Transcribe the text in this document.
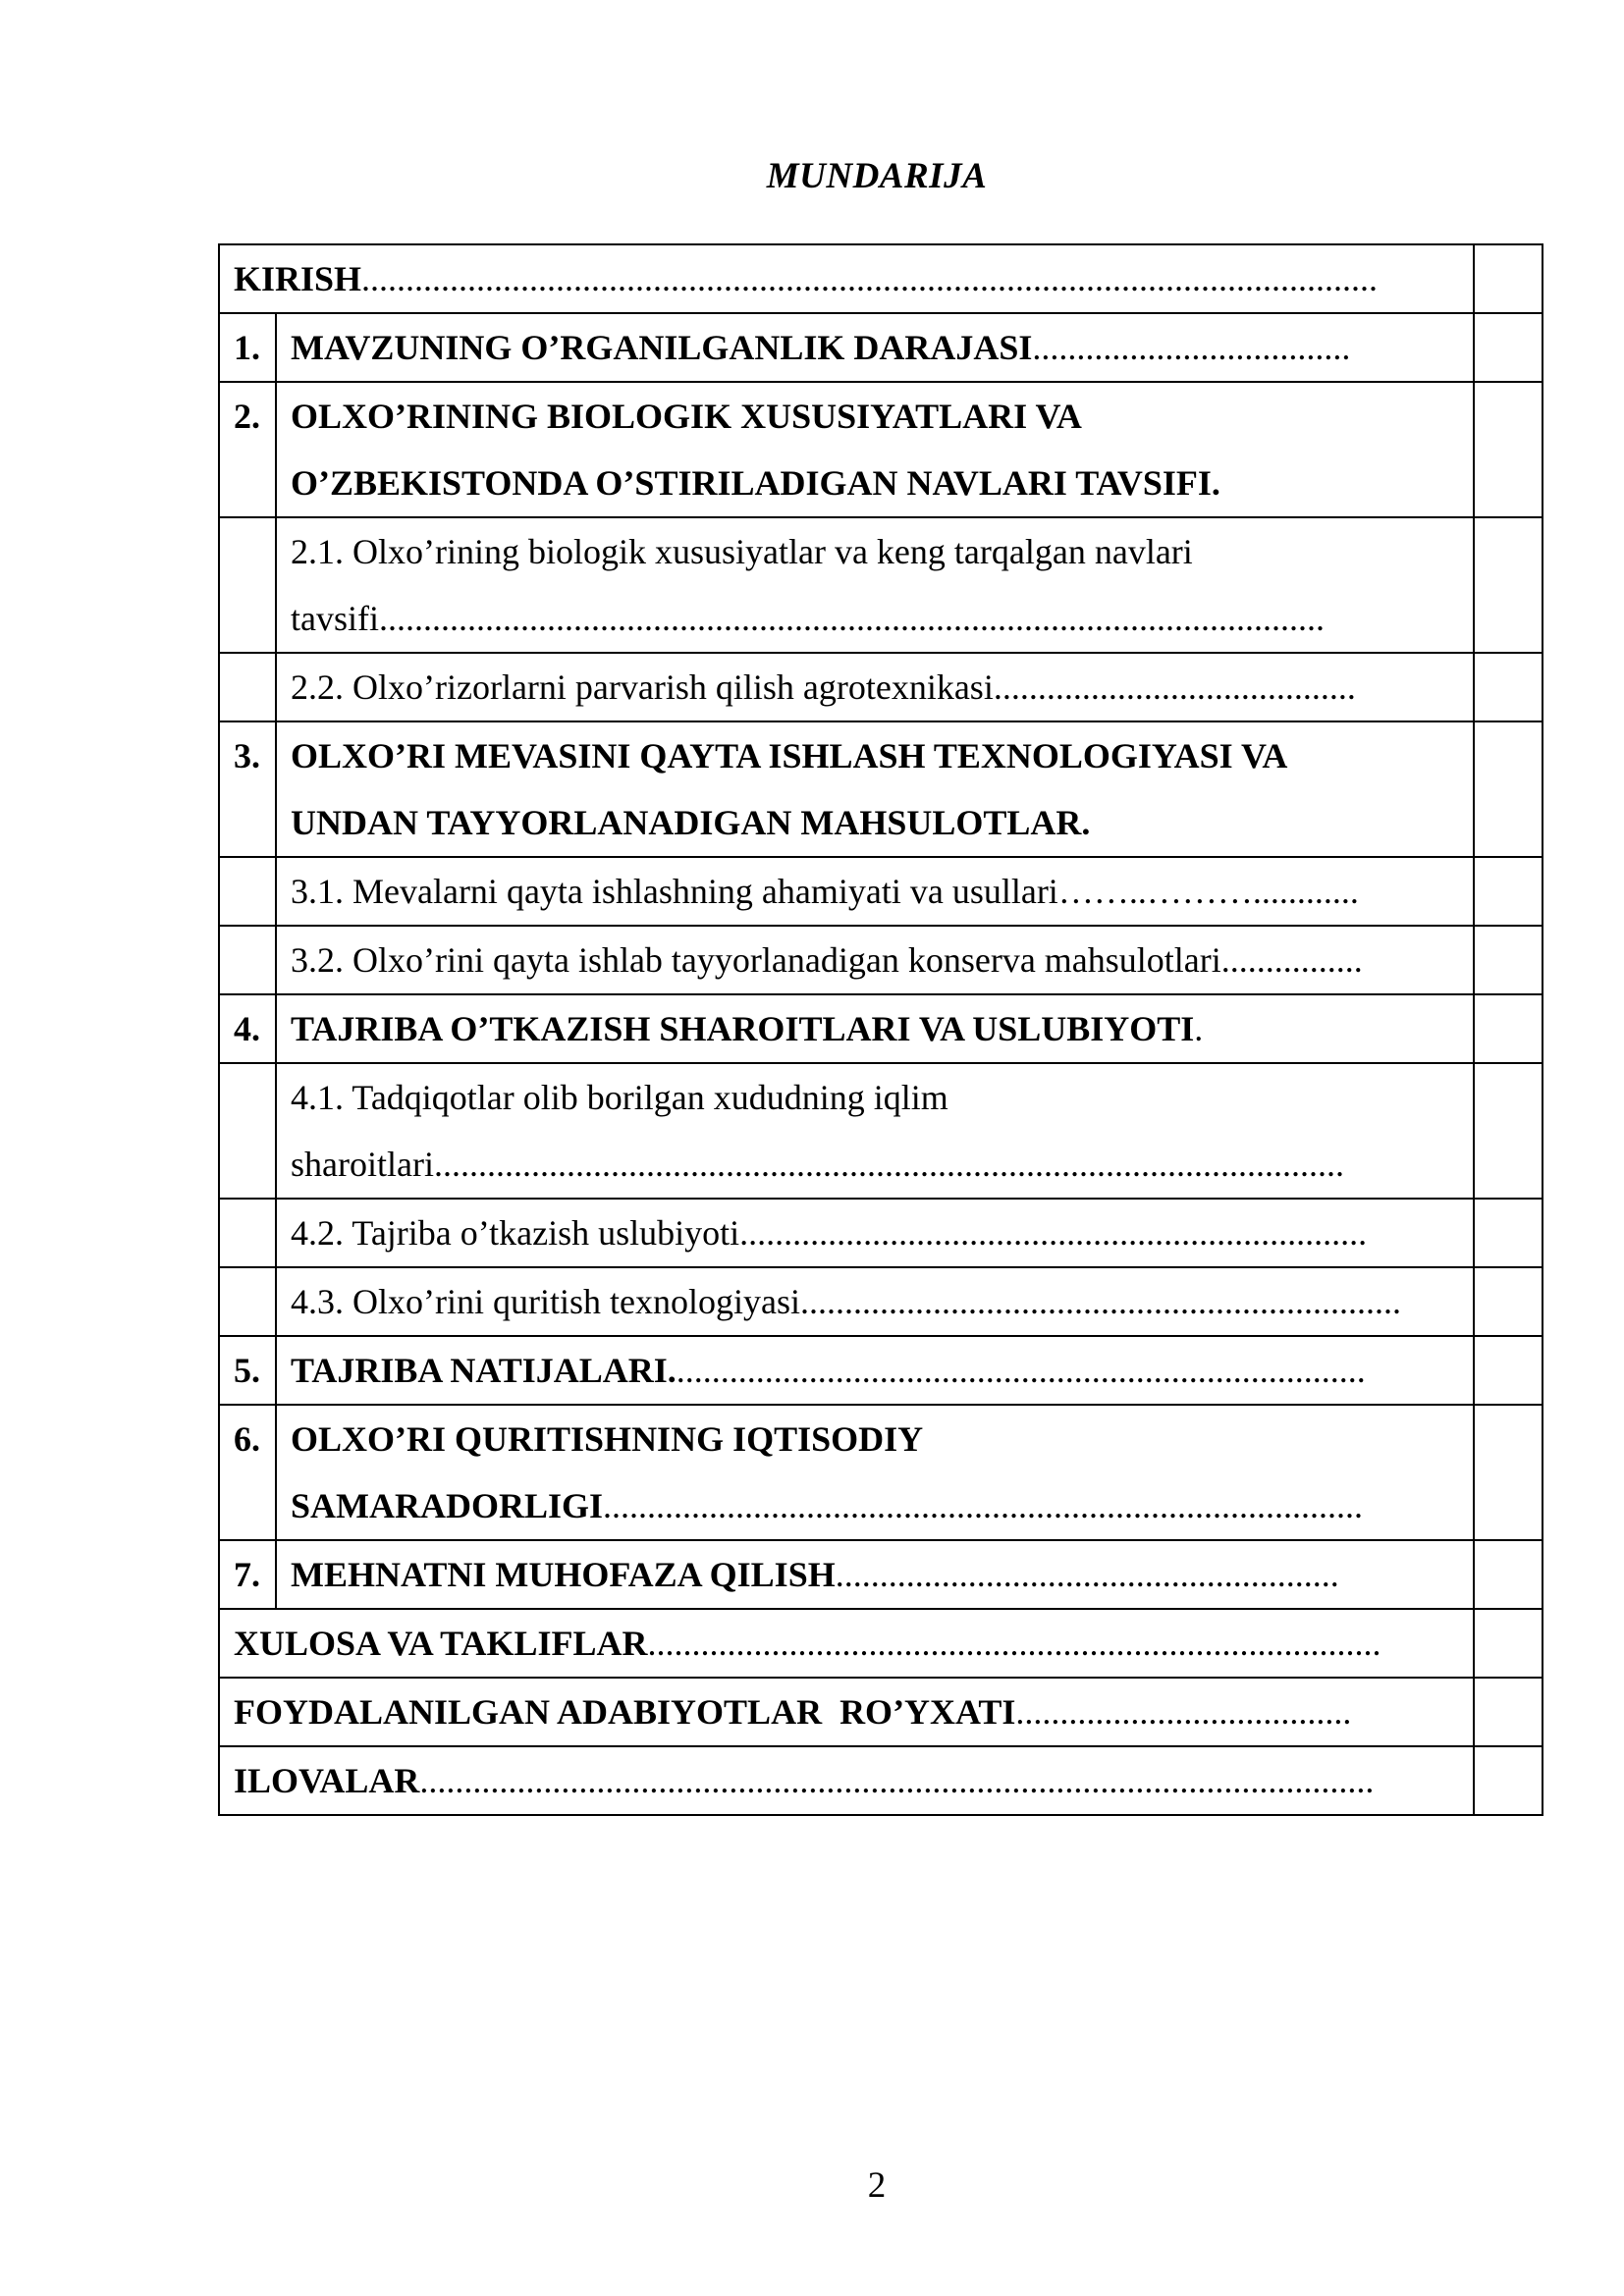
MUNDARIJA
KIRISH...................................................................................................................		

1.	MAVZUNING O’RGANILGANLIK DARAJASI....................................	

2.	OLXO’RINING BIOLOGIK XUSUSIYATLARI VA
O’ZBEKISTONDA O’STIRILADIGAN NAVLARI TAVSIFI.	

	2.1. Olxo’rining biologik xususiyatlar va keng tarqalgan navlari
tavsifi...........................................................................................................	

	2.2. Olxo’rizorlarni parvarish qilish agrotexnikasi.........................................	

3.	OLXO’RI MEVASINI QAYTA ISHLASH TEXNOLOGIYASI VA
UNDAN TAYYORLANADIGAN MAHSULOTLAR.	

	3.1. Mevalarni qayta ishlashning ahamiyati va usullari……..………............	

	3.2. Olxo’rini qayta ishlab tayyorlanadigan konserva mahsulotlari................	

4.	TAJRIBA O’TKAZISH SHAROITLARI VA USLUBIYOTI.	

	4.1. Tadqiqotlar olib borilgan xududning iqlim
sharoitlari.......................................................................................................	

	4.2. Tajriba o’tkazish uslubiyoti.......................................................................	

	4.3. Olxo’rini quritish texnologiyasi....................................................................	

5.	TAJRIBA NATIJALARI...............................................................................	

6.	OLXO’RI QURITISHNING IQTISODIY
SAMARADORLIGI......................................................................................	

7.	MEHNATNI MUHOFAZA QILISH.........................................................	

XULOSA VA TAKLIFLAR...................................................................................		

FOYDALANILGAN ADABIYOTLAR  RO’YXATI......................................		

ILOVALAR............................................................................................................		

2
